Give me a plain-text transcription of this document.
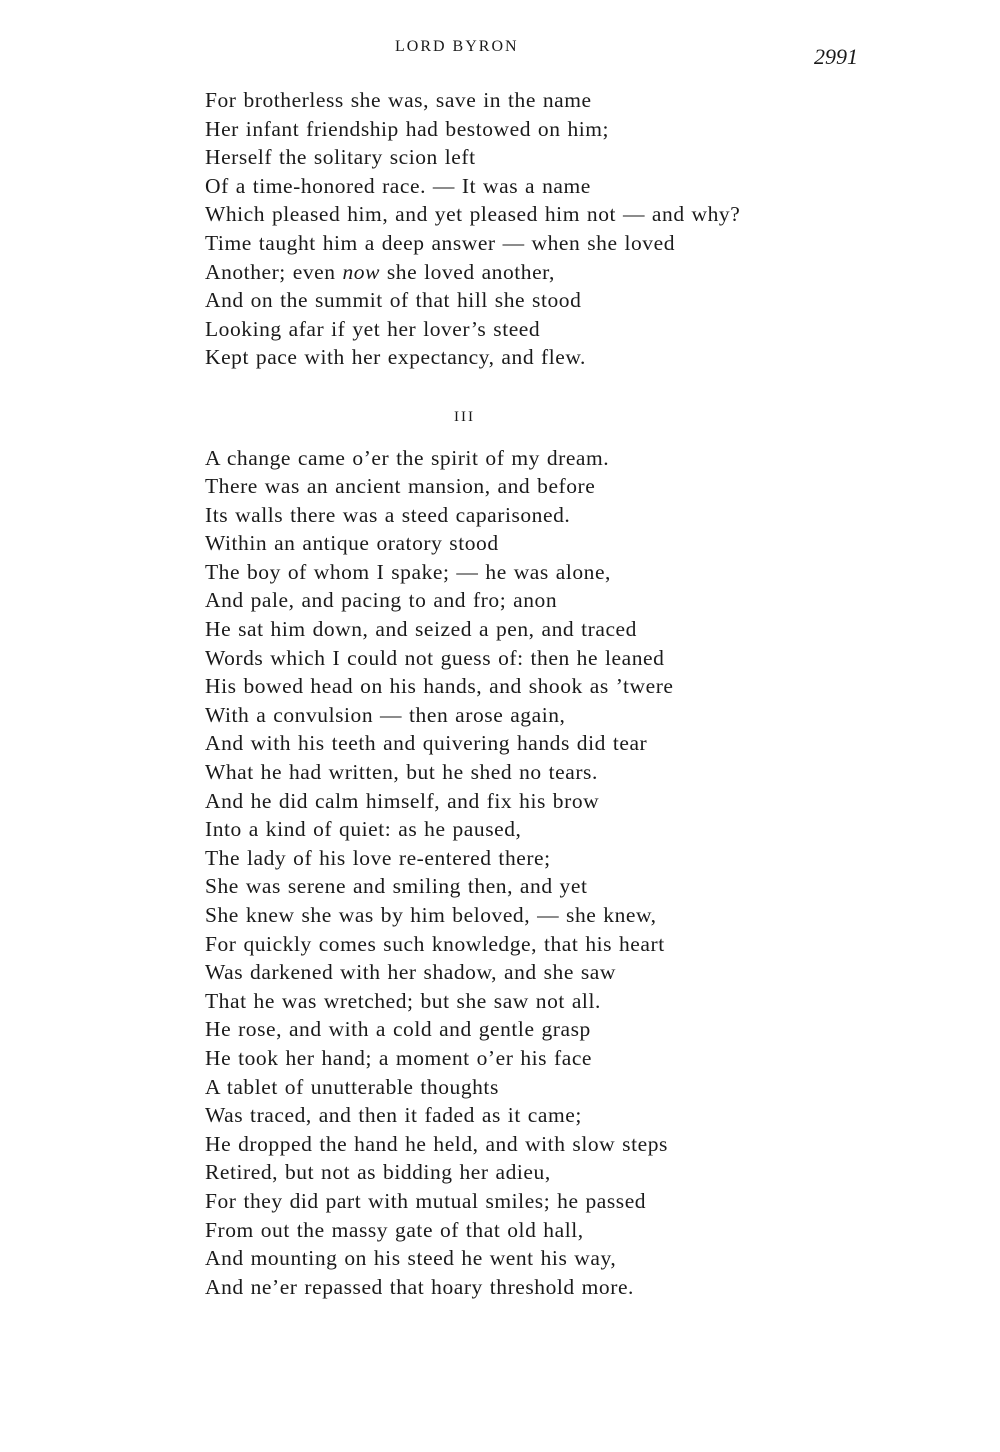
LORD BYRON	2991
For brotherless she was, save in the name
Her infant friendship had bestowed on him;
Herself the solitary scion left
Of a time-honored race. — It was a name
Which pleased him, and yet pleased him not — and why?
Time taught him a deep answer — when she loved
Another; even now she loved another,
And on the summit of that hill she stood
Looking afar if yet her lover’s steed
Kept pace with her expectancy, and flew.
III
A change came o’er the spirit of my dream.
There was an ancient mansion, and before
Its walls there was a steed caparisoned.
Within an antique oratory stood
The boy of whom I spake; — he was alone,
And pale, and pacing to and fro; anon
He sat him down, and seized a pen, and traced
Words which I could not guess of: then he leaned
His bowed head on his hands, and shook as ’twere
With a convulsion — then arose again,
And with his teeth and quivering hands did tear
What he had written, but he shed no tears.
And he did calm himself, and fix his brow
Into a kind of quiet: as he paused,
The lady of his love re-entered there;
She was serene and smiling then, and yet
She knew she was by him beloved, — she knew,
For quickly comes such knowledge, that his heart
Was darkened with her shadow, and she saw
That he was wretched; but she saw not all.
He rose, and with a cold and gentle grasp
He took her hand; a moment o’er his face
A tablet of unutterable thoughts
Was traced, and then it faded as it came;
He dropped the hand he held, and with slow steps
Retired, but not as bidding her adieu,
For they did part with mutual smiles; he passed
From out the massy gate of that old hall,
And mounting on his steed he went his way,
And ne’er repassed that hoary threshold more.
